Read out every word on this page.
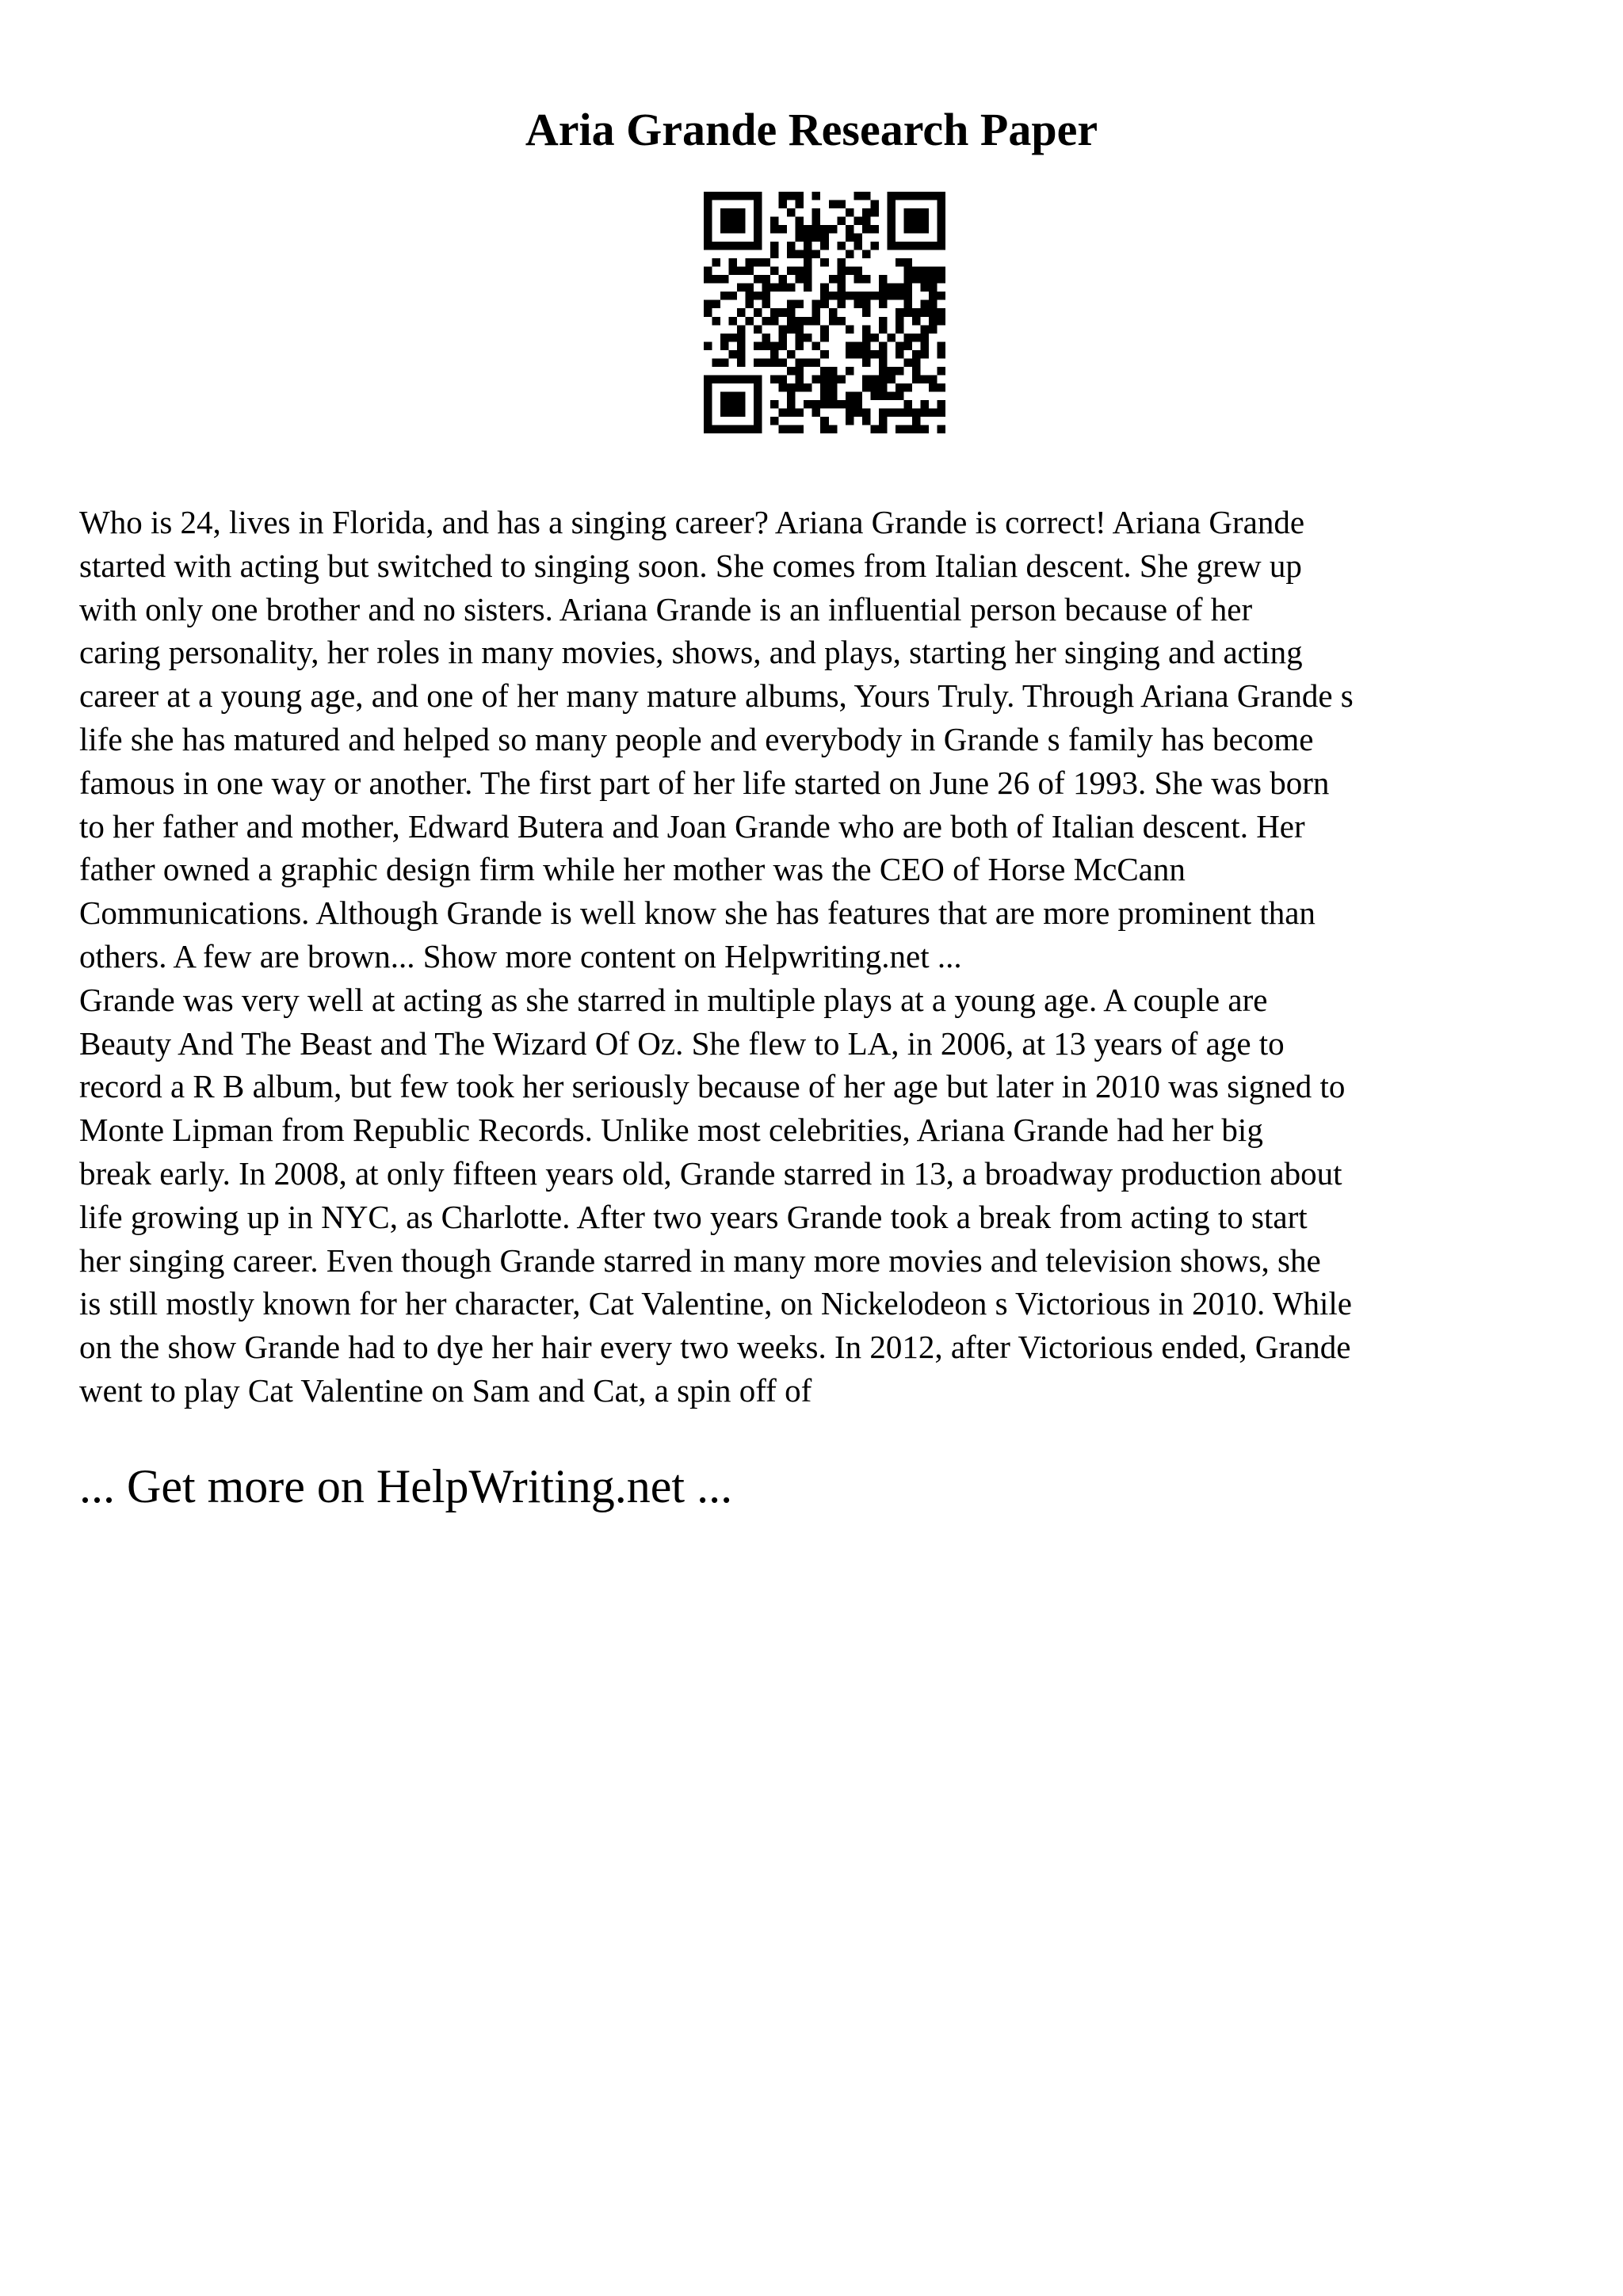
Aria Grande Research Paper
Who is 24, lives in Florida, and has a singing career? Ariana Grande is correct! Ariana Grande
started with acting but switched to singing soon. She comes from Italian descent. She grew up
with only one brother and no sisters. Ariana Grande is an influential person because of her
caring personality, her roles in many movies, shows, and plays, starting her singing and acting
career at a young age, and one of her many mature albums, Yours Truly. Through Ariana Grande s
life she has matured and helped so many people and everybody in Grande s family has become
famous in one way or another. The first part of her life started on June 26 of 1993. She was born
to her father and mother, Edward Butera and Joan Grande who are both of Italian descent. Her
father owned a graphic design firm while her mother was the CEO of Horse McCann
Communications. Although Grande is well know she has features that are more prominent than
others. A few are brown... Show more content on Helpwriting.net ...
Grande was very well at acting as she starred in multiple plays at a young age. A couple are
Beauty And The Beast and The Wizard Of Oz. She flew to LA, in 2006, at 13 years of age to
record a R B album, but few took her seriously because of her age but later in 2010 was signed to
Monte Lipman from Republic Records. Unlike most celebrities, Ariana Grande had her big
break early. In 2008, at only fifteen years old, Grande starred in 13, a broadway production about
life growing up in NYC, as Charlotte. After two years Grande took a break from acting to start
her singing career. Even though Grande starred in many more movies and television shows, she
is still mostly known for her character, Cat Valentine, on Nickelodeon s Victorious in 2010. While
on the show Grande had to dye her hair every two weeks. In 2012, after Victorious ended, Grande
went to play Cat Valentine on Sam and Cat, a spin off of
... Get more on HelpWriting.net ...
